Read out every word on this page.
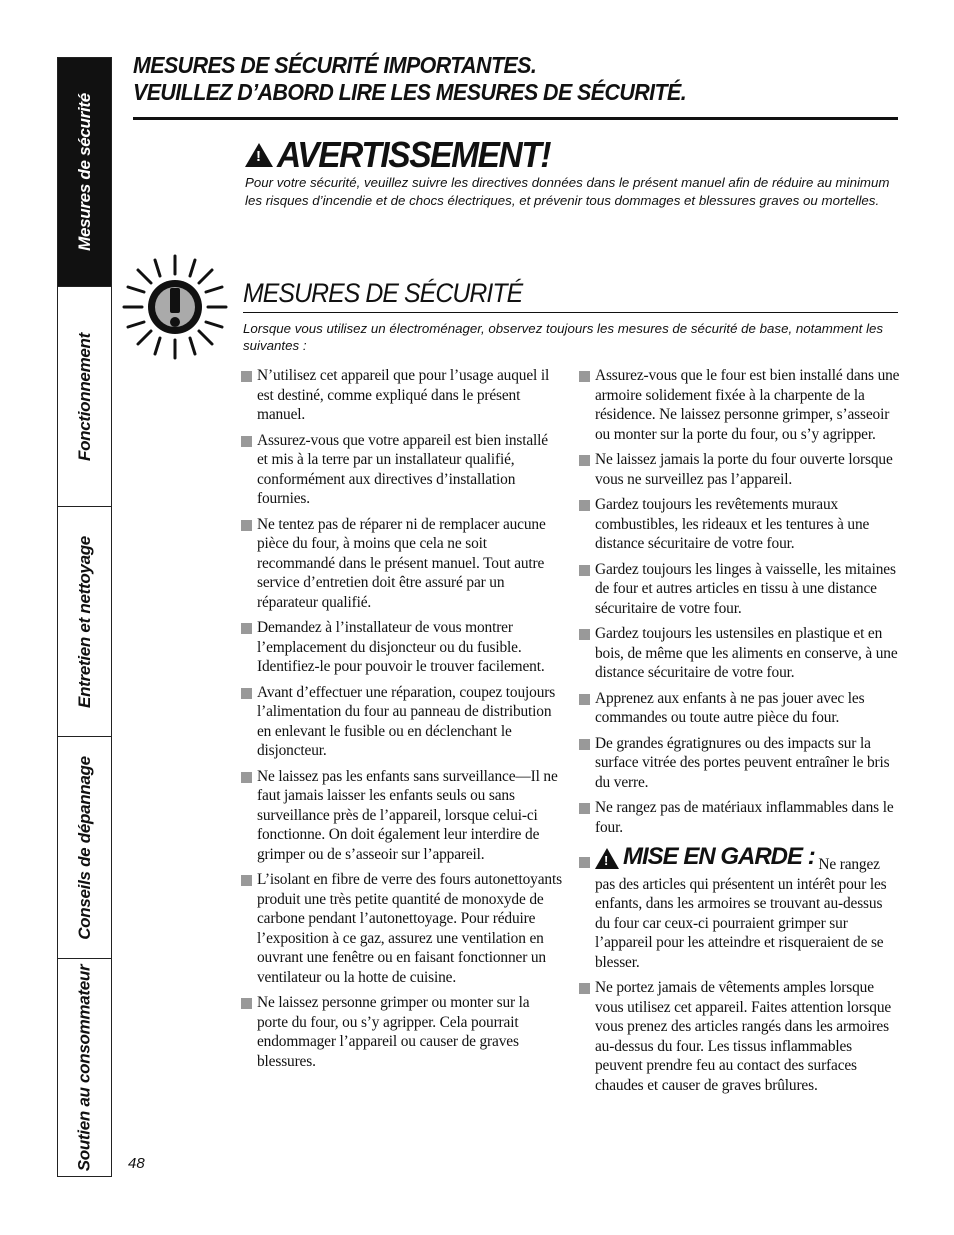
Mesures de sécurité
Fonctionnement
Entretien et nettoyage
Conseils de dépannage
Soutien au consommateur
MESURES DE SÉCURITÉ IMPORTANTES.
VEUILLEZ D’ABORD LIRE LES MESURES DE SÉCURITÉ.
! AVERTISSEMENT!
Pour votre sécurité, veuillez suivre les directives données dans le présent manuel afin de réduire au minimum les risques d’incendie et de chocs électriques, et prévenir tous dommages et blessures graves ou mortelles.
MESURES DE SÉCURITÉ
Lorsque vous utilisez un électroménager, observez toujours les mesures de sécurité de base, notamment les suivantes :
N’utilisez cet appareil que pour l’usage auquel il est destiné, comme expliqué dans le présent manuel.
Assurez-vous que votre appareil est bien installé et mis à la terre par un installateur qualifié, conformément aux directives d’installation fournies.
Ne tentez pas de réparer ni de remplacer aucune pièce du four, à moins que cela ne soit recommandé dans le présent manuel. Tout autre service d’entretien doit être assuré par un réparateur qualifié.
Demandez à l’installateur de vous montrer l’emplacement du disjoncteur ou du fusible. Identifiez-le pour pouvoir le trouver facilement.
Avant d’effectuer une réparation, coupez toujours l’alimentation du four au panneau de distribution en enlevant le fusible ou en déclenchant le disjoncteur.
Ne laissez pas les enfants sans surveillance—Il ne faut jamais laisser les enfants seuls ou sans surveillance près de l’appareil, lorsque celui-ci fonctionne. On doit également leur interdire de grimper ou de s’asseoir sur l’appareil.
L’isolant en fibre de verre des fours autonettoyants produit une très petite quantité de monoxyde de carbone pendant l’autonettoyage. Pour réduire l’exposition à ce gaz, assurez une ventilation en ouvrant une fenêtre ou en faisant fonctionner un ventilateur ou la hotte de cuisine.
Ne laissez personne grimper ou monter sur la porte du four, ou s’y agripper. Cela pourrait endommager l’appareil ou causer de graves blessures.
Assurez-vous que le four est bien installé dans une armoire solidement fixée à la charpente de la résidence. Ne laissez personne grimper, s’asseoir ou monter sur la porte du four, ou s’y agripper.
Ne laissez jamais la porte du four ouverte lorsque vous ne surveillez pas l’appareil.
Gardez toujours les revêtements muraux combustibles, les rideaux et les tentures à une distance sécuritaire de votre four.
Gardez toujours les linges à vaisselle, les mitaines de four et autres articles en tissu à une distance sécuritaire de votre four.
Gardez toujours les ustensiles en plastique et en bois, de même que les aliments en conserve, à une distance sécuritaire de votre four.
Apprenez aux enfants à ne pas jouer avec les commandes ou toute autre pièce du four.
De grandes égratignures ou des impacts sur la surface vitrée des portes peuvent entraîner le bris du verre.
Ne rangez pas de matériaux inflammables dans le four.
! MISE EN GARDE : Ne rangez pas des articles qui présentent un intérêt pour les enfants, dans les armoires se trouvant au-dessus du four car ceux-ci pourraient grimper sur l’appareil pour les atteindre et risqueraient de se blesser.
Ne portez jamais de vêtements amples lorsque vous utilisez cet appareil. Faites attention lorsque vous prenez des articles rangés dans les armoires au-dessus du four. Les tissus inflammables peuvent prendre feu au contact des surfaces chaudes et causer de graves brûlures.
48
